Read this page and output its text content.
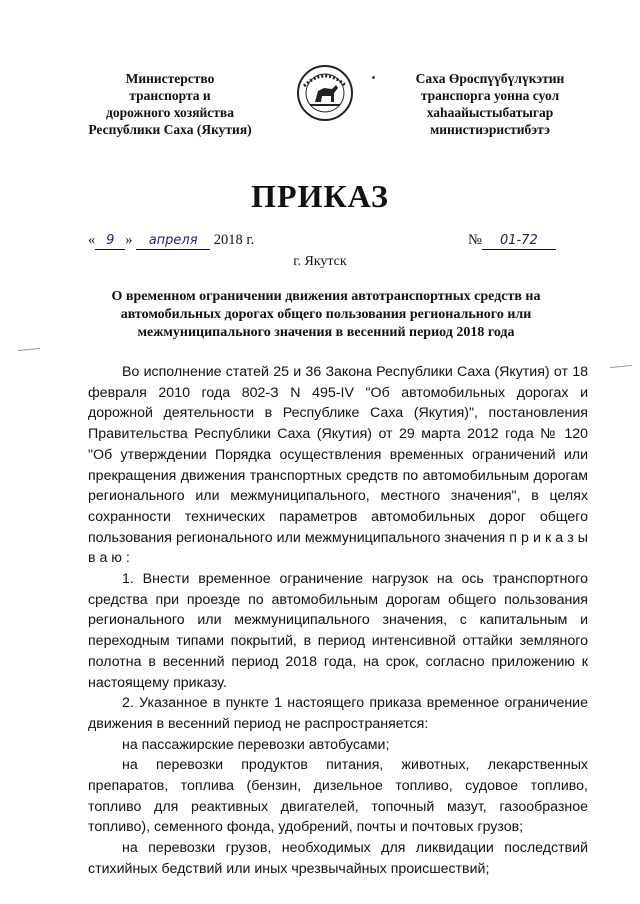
Министерство
транспорта и
дорожного хозяйства
Республики Саха (Якутия)
Саха Өроспүүбүлүкэтин
транспорга уонна суол
хаһаайыстыбатыгар
министиэристибэтэ
ПРИКАЗ
« 9 » апреля 2018 г.	№ 01-72
г. Якутск
О временном ограничении движения автотранспортных средств на
автомобильных дорогах общего пользования регионального или
межмуниципального значения в весенний период 2018 года

Во исполнение статей 25 и 36 Закона Республики Саха (Якутия) от 18 февраля 2010 года 802-З N 495-IV "Об автомобильных дорогах и дорожной деятельности в Республике Саха (Якутия)", постановления Правительства Республики Саха (Якутия) от 29 марта 2012 года № 120 "Об утверждении Порядка осуществления временных ограничений или прекращения движения транспортных средств по автомобильным дорогам регионального или межмуниципального, местного значения", в целях сохранности технических параметров автомобильных дорог общего пользования регионального или межмуниципального значения п р и к а з ы в а ю :

1. Внести временное ограничение нагрузок на ось транспортного средства при проезде по автомобильным дорогам общего пользования регионального или межмуниципального значения, с капитальным и переходным типами покрытий, в период интенсивной оттайки земляного полотна в весенний период 2018 года, на срок, согласно приложению к настоящему приказу.

2. Указанное в пункте 1 настоящего приказа временное ограничение движения в весенний период не распространяется:

на пассажирские перевозки автобусами;

на перевозки продуктов питания, животных, лекарственных препаратов, топлива (бензин, дизельное топливо, судовое топливо, топливо для реактивных двигателей, топочный мазут, газообразное топливо), семенного фонда, удобрений, почты и почтовых грузов;

на перевозки грузов, необходимых для ликвидации последствий стихийных бедствий или иных чрезвычайных происшествий;
